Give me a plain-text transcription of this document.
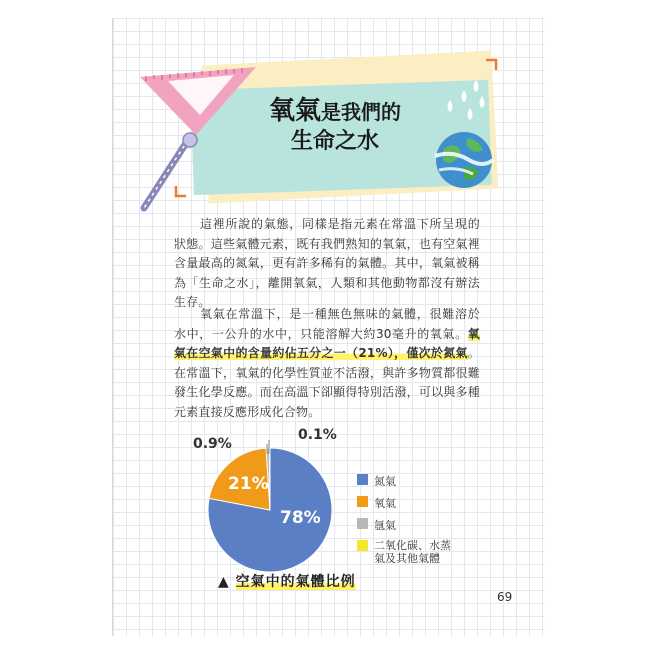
氧氣是我們的
生命之水
這裡所說的氣態，同樣是指元素在常溫下所呈現的狀態。這些氣體元素，既有我們熟知的氧氣，也有空氣裡含量最高的氮氣，更有許多稀有的氣體。其中，氧氣被稱為「生命之水」，離開氧氣，人類和其他動物都沒有辦法生存。
氧氣在常溫下，是一種無色無味的氣體，很難溶於水中，一公升的水中，只能溶解大約30毫升的氧氣。氧氣在空氣中的含量約佔五分之一（21%），僅次於氮氣。在常溫下，氧氣的化學性質並不活潑，與許多物質都很難發生化學反應。而在高溫下卻顯得特別活潑，可以與多種元素直接反應形成化合物。
0.9%
0.1%
21%
78%
氮氣
氧氣
氬氣
二氧化碳、水蒸氣及其他氣體
▲ 空氣中的氣體比例
69
